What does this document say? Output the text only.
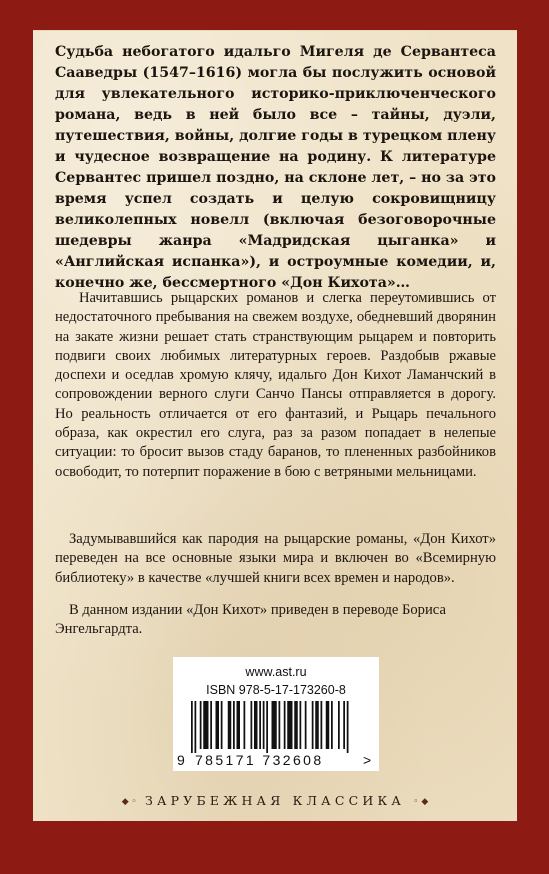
Судьба небогатого идальго Мигеля де Сервантеса Сааведры (1547–1616) могла бы послужить основой для увлекательного историко-приключенческого романа, ведь в ней было все – тайны, дуэли, путешествия, войны, долгие годы в турецком плену и чудесное возвращение на родину. К литературе Сервантес пришел поздно, на склоне лет, – но за это время успел создать и целую сокровищницу великолепных новелл (включая безоговорочные шедевры жанра «Мадридская цыганка» и «Английская испанка»), и остроумные комедии, и, конечно же, бессмертного «Дон Кихота»…

Начитавшись рыцарских романов и слегка переутомившись от недостаточного пребывания на свежем воздухе, обедневший дворянин на закате жизни решает стать странствующим рыцарем и повторить подвиги своих любимых литературных героев. Раздобыв ржавые доспехи и оседлав хромую клячу, идальго Дон Кихот Ламанчский в сопровождении верного слуги Санчо Пансы отправляется в дорогу. Но реальность отличается от его фантазий, и Рыцарь печального образа, как окрестил его слуга, раз за разом попадает в нелепые ситуации: то бросит вызов стаду баранов, то плененных разбойников освободит, то потерпит поражение в бою с ветряными мельницами.

Задумывавшийся как пародия на рыцарские романы, «Дон Кихот» переведен на все основные языки мира и включен во «Всемирную библиотеку» в качестве «лучшей книги всех времен и народов».

В данном издании «Дон Кихот» приведен в переводе Бориса Энгельгардта.

www.ast.ru
ISBN 978-5-17-173260-8
9 785171 732608	>
◆ ◦ ЗАРУБЕЖНАЯ КЛАССИКА ◦ ◆
